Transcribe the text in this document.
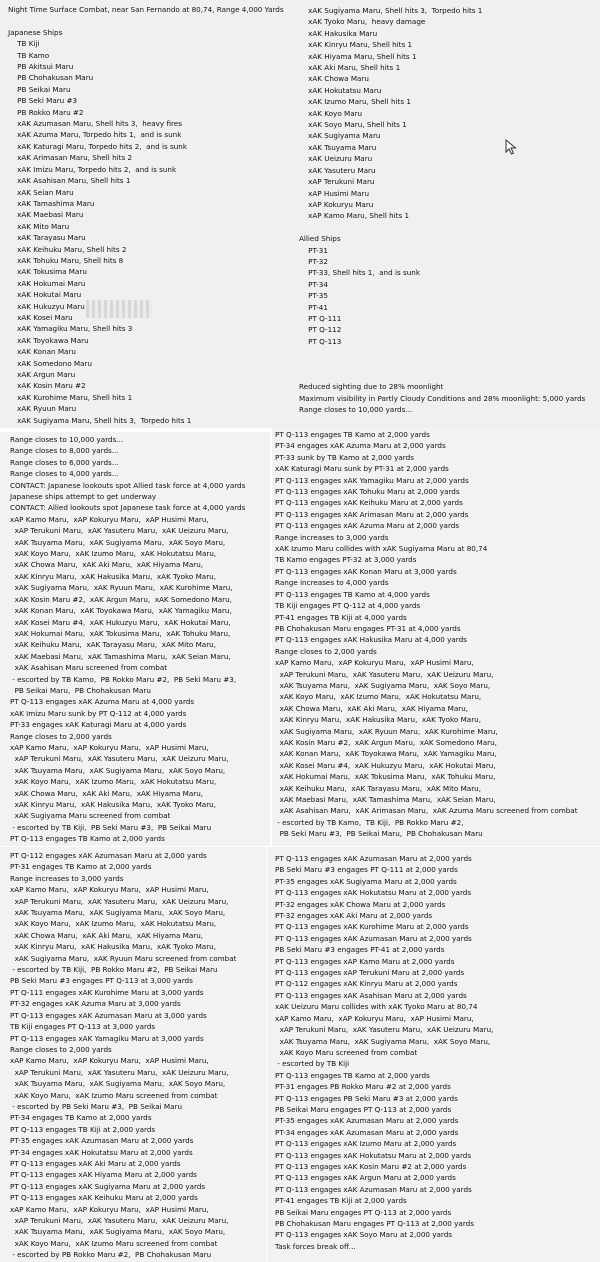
Night Time Surface Combat, near San Fernando at 80,74, Range 4,000 Yards

Japanese Ships
TB Kiji
TB Kamo
PB Akitsui Maru
PB Chohakusan Maru
PB Seikai Maru
PB Seki Maru #3
PB Rokko Maru #2
xAK Azumasan Maru, Shell hits 3,  heavy fires
xAK Azuma Maru, Torpedo hits 1,  and is sunk
xAK Katuragi Maru, Torpedo hits 2,  and is sunk
xAK Arimasan Maru, Shell hits 2
xAK Imizu Maru, Torpedo hits 2,  and is sunk
xAK Asahisan Maru, Shell hits 1
xAK Seian Maru
xAK Tamashima Maru
xAK Maebasi Maru
xAK Mito Maru
xAK Tarayasu Maru
xAK Keihuku Maru, Shell hits 2
xAK Tohuku Maru, Shell hits 8
xAK Tokusima Maru
xAK Hokumai Maru
xAK Hokutai Maru
xAK Hukuzyu Maru
xAK Kosei Maru
xAK Yamagiku Maru, Shell hits 3
xAK Toyokawa Maru
xAK Konan Maru
xAK Somedono Maru
xAK Argun Maru
xAK Kosin Maru #2
xAK Kurohime Maru, Shell hits 1
xAK Ryuun Maru
xAK Sugiyama Maru, Shell hits 3,  Torpedo hits 1
xAK Sugiyama Maru, Shell hits 3,  Torpedo hits 1
xAK Tyoko Maru,  heavy damage
xAK Hakusika Maru
xAK Kinryu Maru, Shell hits 1
xAK Hiyama Maru, Shell hits 1
xAK Aki Maru, Shell hits 1
xAK Chowa Maru
xAK Hokutatsu Maru
xAK Izumo Maru, Shell hits 1
xAK Koyo Maru
xAK Soyo Maru, Shell hits 1
xAK Sugiyama Maru
xAK Tsuyama Maru
xAK Ueizuru Maru
xAK Yasuteru Maru
xAP Terukuni Maru
xAP Husimi Maru
xAP Kokuryu Maru
xAP Kamo Maru, Shell hits 1

Allied Ships
PT-31
PT-32
PT-33, Shell hits 1,  and is sunk
PT-34
PT-35
PT-41
PT Q-111
PT Q-112
PT Q-113

Reduced sighting due to 28% moonlight
Maximum visibility in Partly Cloudy Conditions and 28% moonlight: 5,000 yards
Range closes to 10,000 yards...
Range closes to 10,000 yards...
Range closes to 8,000 yards...
Range closes to 6,000 yards...
Range closes to 4,000 yards...
CONTACT: Japanese lookouts spot Allied task force at 4,000 yards
Japanese ships attempt to get underway
CONTACT: Allied lookouts spot Japanese task force at 4,000 yards
xAP Kamo Maru,  xAP Kokuryu Maru,  xAP Husimi Maru,
xAP Terukuni Maru,  xAK Yasuteru Maru,  xAK Ueizuru Maru,
xAK Tsuyama Maru,  xAK Sugiyama Maru,  xAK Soyo Maru,
xAK Koyo Maru,  xAK Izumo Maru,  xAK Hokutatsu Maru,
xAK Chowa Maru,  xAK Aki Maru,  xAK Hiyama Maru,
xAK Kinryu Maru,  xAK Hakusika Maru,  xAK Tyoko Maru,
xAK Sugiyama Maru,  xAK Ryuun Maru,  xAK Kurohime Maru,
xAK Kosin Maru #2,  xAK Argun Maru,  xAK Somedono Maru,
xAK Konan Maru,  xAK Toyokawa Maru,  xAK Yamagiku Maru,
xAK Kosei Maru #4,  xAK Hukuzyu Maru,  xAK Hokutai Maru,
xAK Hokumai Maru,  xAK Tokusima Maru,  xAK Tohuku Maru,
xAK Keihuku Maru,  xAK Tarayasu Maru,  xAK Mito Maru,
xAK Maebasi Maru,  xAK Tamashima Maru,  xAK Seian Maru,
xAK Asahisan Maru screened from combat
- escorted by TB Kamo,  PB Rokko Maru #2,  PB Seki Maru #3,
PB Seikai Maru,  PB Chohakusan Maru
PT Q-113 engages xAK Azuma Maru at 4,000 yards
xAK Imizu Maru sunk by PT Q-112 at 4,000 yards
PT-33 engages xAK Katuragi Maru at 4,000 yards
Range closes to 2,000 yards
xAP Kamo Maru,  xAP Kokuryu Maru,  xAP Husimi Maru,
xAP Terukuni Maru,  xAK Yasuteru Maru,  xAK Ueizuru Maru,
xAK Tsuyama Maru,  xAK Sugiyama Maru,  xAK Soyo Maru,
xAK Koyo Maru,  xAK Izumo Maru,  xAK Hokutatsu Maru,
xAK Chowa Maru,  xAK Aki Maru,  xAK Hiyama Maru,
xAK Kinryu Maru,  xAK Hakusika Maru,  xAK Tyoko Maru,
xAK Sugiyama Maru screened from combat
- escorted by TB Kiji,  PB Seki Maru #3,  PB Seikai Maru
PT Q-113 engages TB Kamo at 2,000 yards
PT Q-113 engages TB Kamo at 2,000 yards
PT-34 engages xAK Azuma Maru at 2,000 yards
PT-33 sunk by TB Kamo at 2,000 yards
xAK Katuragi Maru sunk by PT-31 at 2,000 yards
PT Q-113 engages xAK Yamagiku Maru at 2,000 yards
PT Q-113 engages xAK Tohuku Maru at 2,000 yards
PT Q-113 engages xAK Keihuku Maru at 2,000 yards
PT Q-113 engages xAK Arimasan Maru at 2,000 yards
PT Q-113 engages xAK Azuma Maru at 2,000 yards
Range increases to 3,000 yards
xAK Izumo Maru collides with xAK Sugiyama Maru at 80,74
TB Kamo engages PT-32 at 3,000 yards
PT Q-113 engages xAK Konan Maru at 3,000 yards
Range increases to 4,000 yards
PT Q-113 engages TB Kamo at 4,000 yards
TB Kiji engages PT Q-112 at 4,000 yards
PT-41 engages TB Kiji at 4,000 yards
PB Chohakusan Maru engages PT-31 at 4,000 yards
PT Q-113 engages xAK Hakusika Maru at 4,000 yards
Range closes to 2,000 yards
xAP Kamo Maru,  xAP Kokuryu Maru,  xAP Husimi Maru,
xAP Terukuni Maru,  xAK Yasuteru Maru,  xAK Ueizuru Maru,
xAK Tsuyama Maru,  xAK Sugiyama Maru,  xAK Soyo Maru,
xAK Koyo Maru,  xAK Izumo Maru,  xAK Hokutatsu Maru,
xAK Chowa Maru,  xAK Aki Maru,  xAK Hiyama Maru,
xAK Kinryu Maru,  xAK Hakusika Maru,  xAK Tyoko Maru,
xAK Sugiyama Maru,  xAK Ryuun Maru,  xAK Kurohime Maru,
xAK Kosin Maru #2,  xAK Argun Maru,  xAK Somedono Maru,
xAK Konan Maru,  xAK Toyokawa Maru,  xAK Yamagiku Maru,
xAK Kosei Maru #4,  xAK Hukuzyu Maru,  xAK Hokutai Maru,
xAK Hokumai Maru,  xAK Tokusima Maru,  xAK Tohuku Maru,
xAK Keihuku Maru,  xAK Tarayasu Maru,  xAK Mito Maru,
xAK Maebasi Maru,  xAK Tamashima Maru,  xAK Seian Maru,
xAK Asahisan Maru,  xAK Arimasan Maru,  xAK Azuma Maru screened from combat
- escorted by TB Kamo,  TB Kiji,  PB Rokko Maru #2,
PB Seki Maru #3,  PB Seikai Maru,  PB Chohakusan Maru
PT Q-112 engages xAK Azumasan Maru at 2,000 yards
PT-31 engages TB Kamo at 2,000 yards
Range increases to 3,000 yards
xAP Kamo Maru,  xAP Kokuryu Maru,  xAP Husimi Maru,
xAP Terukuni Maru,  xAK Yasuteru Maru,  xAK Ueizuru Maru,
xAK Tsuyama Maru,  xAK Sugiyama Maru,  xAK Soyo Maru,
xAK Koyo Maru,  xAK Izumo Maru,  xAK Hokutatsu Maru,
xAK Chowa Maru,  xAK Aki Maru,  xAK Hiyama Maru,
xAK Kinryu Maru,  xAK Hakusika Maru,  xAK Tyoko Maru,
xAK Sugiyama Maru,  xAK Ryuun Maru screened from combat
- escorted by TB Kiji,  PB Rokko Maru #2,  PB Seikai Maru
PB Seki Maru #3 engages PT Q-113 at 3,000 yards
PT Q-111 engages xAK Kurohime Maru at 3,000 yards
PT-32 engages xAK Azuma Maru at 3,000 yards
PT Q-113 engages xAK Azumasan Maru at 3,000 yards
TB Kiji engages PT Q-113 at 3,000 yards
PT Q-113 engages xAK Yamagiku Maru at 3,000 yards
Range closes to 2,000 yards
xAP Kamo Maru,  xAP Kokuryu Maru,  xAP Husimi Maru,
xAP Terukuni Maru,  xAK Yasuteru Maru,  xAK Ueizuru Maru,
xAK Tsuyama Maru,  xAK Sugiyama Maru,  xAK Soyo Maru,
xAK Koyo Maru,  xAK Izumo Maru screened from combat
- escorted by PB Seki Maru #3,  PB Seikai Maru
PT-34 engages TB Kamo at 2,000 yards
PT Q-113 engages TB Kiji at 2,000 yards
PT-35 engages xAK Azumasan Maru at 2,000 yards
PT-34 engages xAK Hokutatsu Maru at 2,000 yards
PT Q-113 engages xAK Aki Maru at 2,000 yards
PT Q-113 engages xAK Hiyama Maru at 2,000 yards
PT Q-113 engages xAK Sugiyama Maru at 2,000 yards
PT Q-113 engages xAK Keihuku Maru at 2,000 yards
xAP Kamo Maru,  xAP Kokuryu Maru,  xAP Husimi Maru,
xAP Terukuni Maru,  xAK Yasuteru Maru,  xAK Ueizuru Maru,
xAK Tsuyama Maru,  xAK Sugiyama Maru,  xAK Soyo Maru,
xAK Koyo Maru,  xAK Izumo Maru screened from combat
- escorted by PB Rokko Maru #2,  PB Chohakusan Maru
PT Q-113 engages xAK Azumasan Maru at 2,000 yards
PB Seki Maru #3 engages PT Q-111 at 2,000 yards
PT-35 engages xAK Sugiyama Maru at 2,000 yards
PT Q-113 engages xAK Hokutatsu Maru at 2,000 yards
PT-32 engages xAK Chowa Maru at 2,000 yards
PT-32 engages xAK Aki Maru at 2,000 yards
PT Q-113 engages xAK Kurohime Maru at 2,000 yards
PT Q-113 engages xAK Azumasan Maru at 2,000 yards
PB Seki Maru #3 engages PT-41 at 2,000 yards
PT Q-113 engages xAP Kamo Maru at 2,000 yards
PT Q-113 engages xAP Terukuni Maru at 2,000 yards
PT Q-112 engages xAK Kinryu Maru at 2,000 yards
PT Q-113 engages xAK Asahisan Maru at 2,000 yards
xAK Ueizuru Maru collides with xAK Tyoko Maru at 80,74
xAP Kamo Maru,  xAP Kokuryu Maru,  xAP Husimi Maru,
xAP Terukuni Maru,  xAK Yasuteru Maru,  xAK Ueizuru Maru,
xAK Tsuyama Maru,  xAK Sugiyama Maru,  xAK Soyo Maru,
xAK Koyo Maru screened from combat
- escorted by TB Kiji
PT Q-113 engages TB Kamo at 2,000 yards
PT-31 engages PB Rokko Maru #2 at 2,000 yards
PT Q-113 engages PB Seki Maru #3 at 2,000 yards
PB Seikai Maru engages PT Q-113 at 2,000 yards
PT-35 engages xAK Azumasan Maru at 2,000 yards
PT-34 engages xAK Azumasan Maru at 2,000 yards
PT Q-113 engages xAK Izumo Maru at 2,000 yards
PT Q-113 engages xAK Hokutatsu Maru at 2,000 yards
PT Q-113 engages xAK Kosin Maru #2 at 2,000 yards
PT Q-113 engages xAK Argun Maru at 2,000 yards
PT Q-113 engages xAK Azumasan Maru at 2,000 yards
PT-41 engages TB Kiji at 2,000 yards
PB Seikai Maru engages PT Q-113 at 2,000 yards
PB Chohakusan Maru engages PT Q-113 at 2,000 yards
PT Q-113 engages xAK Soyo Maru at 2,000 yards
Task forces break off...
